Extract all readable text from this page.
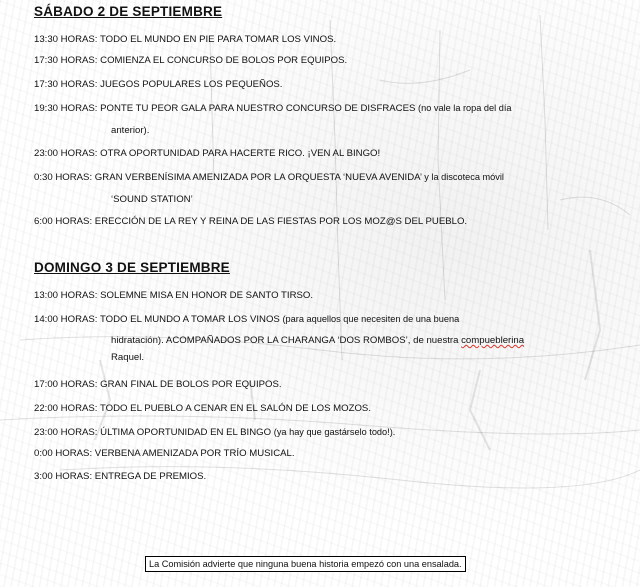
SÁBADO 2 DE SEPTIEMBRE
13:30 HORAS: TODO EL MUNDO EN PIE PARA TOMAR LOS VINOS.
17:30 HORAS: COMIENZA EL CONCURSO DE BOLOS POR EQUIPOS.
17:30 HORAS: JUEGOS POPULARES LOS PEQUEÑOS.
19:30 HORAS: PONTE TU PEOR GALA PARA NUESTRO CONCURSO DE DISFRACES (no vale la ropa del día
anterior).
23:00 HORAS: OTRA OPORTUNIDAD PARA HACERTE RICO. ¡VEN AL BINGO!
0:30 HORAS: GRAN VERBENÍSIMA AMENIZADA POR LA ORQUESTA ‘NUEVA AVENIDA’ y la discoteca móvil
‘SOUND STATION’
6:00 HORAS: ERECCIÓN DE LA REY Y REINA DE LAS FIESTAS POR LOS MOZ@S DEL PUEBLO.
DOMINGO 3 DE SEPTIEMBRE
13:00 HORAS: SOLEMNE MISA EN HONOR DE SANTO TIRSO.
14:00 HORAS: TODO EL MUNDO A TOMAR LOS VINOS (para aquellos que necesiten de una buena
hidratación). ACOMPAÑADOS POR LA CHARANGA ‘DOS ROMBOS’, de nuestra compueblerina
Raquel.
17:00 HORAS: GRAN FINAL DE BOLOS POR EQUIPOS.
22:00 HORAS: TODO EL PUEBLO A CENAR EN EL SALÓN DE LOS MOZOS.
23:00 HORAS: ÚLTIMA OPORTUNIDAD EN EL BINGO (ya hay que gastárselo todo!).
0:00 HORAS: VERBENA AMENIZADA POR TRÍO MUSICAL.
3:00 HORAS: ENTREGA DE PREMIOS.
La Comisión advierte que ninguna buena historia empezó con una ensalada.
